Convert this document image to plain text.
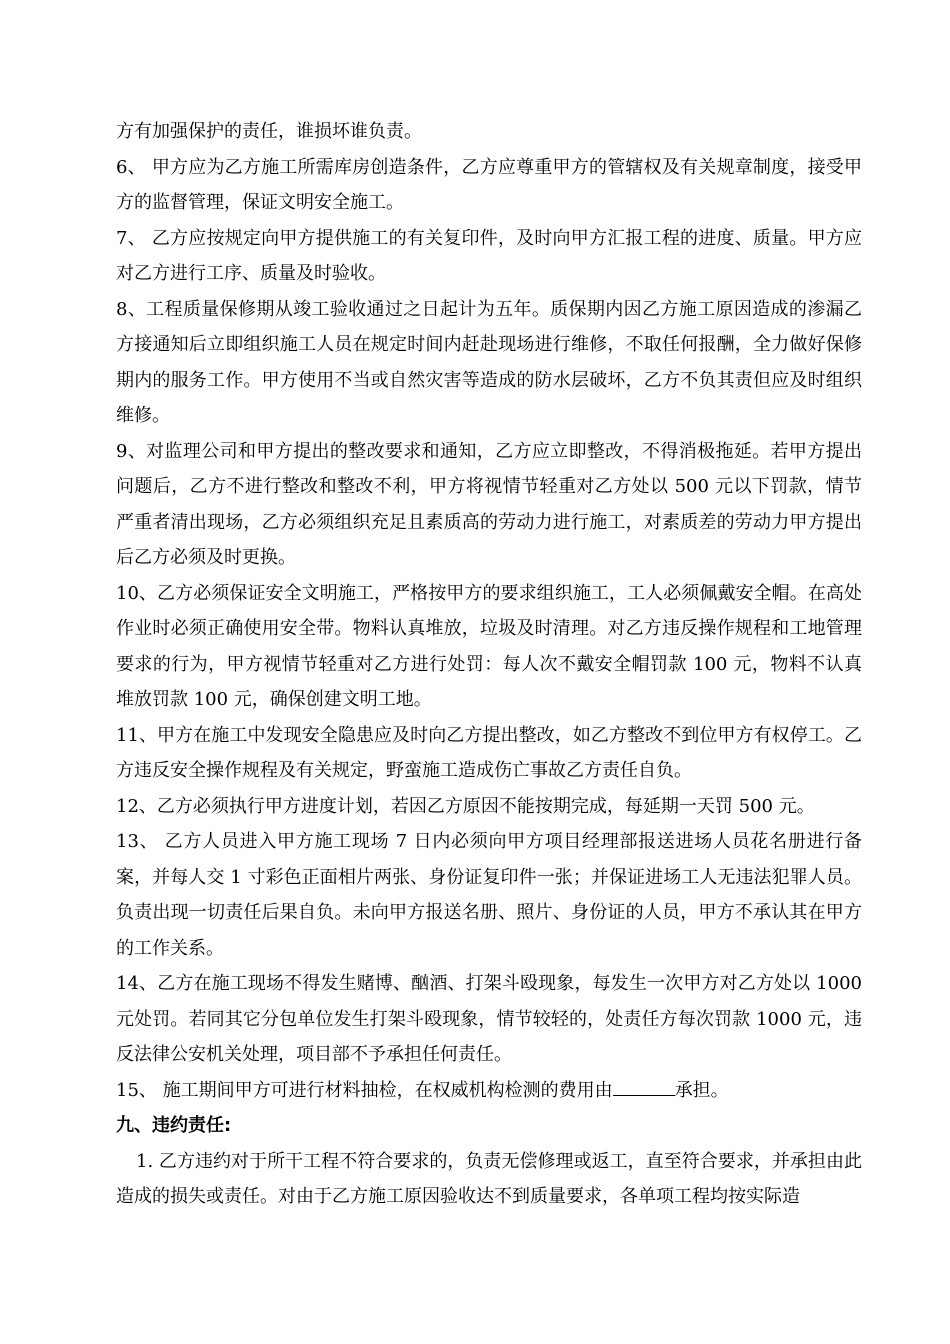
方有加强保护的责任，谁损坏谁负责。

6、 甲方应为乙方施工所需库房创造条件，乙方应尊重甲方的管辖权及有关规章制度，接受甲方的监督管理，保证文明安全施工。

7、 乙方应按规定向甲方提供施工的有关复印件，及时向甲方汇报工程的进度、质量。甲方应对乙方进行工序、质量及时验收。

8、工程质量保修期从竣工验收通过之日起计为五年。质保期内因乙方施工原因造成的渗漏乙方接通知后立即组织施工人员在规定时间内赶赴现场进行维修，不取任何报酬，全力做好保修期内的服务工作。甲方使用不当或自然灾害等造成的防水层破坏，乙方不负其责但应及时组织维修。

9、对监理公司和甲方提出的整改要求和通知，乙方应立即整改，不得消极拖延。若甲方提出问题后，乙方不进行整改和整改不利，甲方将视情节轻重对乙方处以 500 元以下罚款，情节严重者清出现场，乙方必须组织充足且素质高的劳动力进行施工，对素质差的劳动力甲方提出后乙方必须及时更换。

10、乙方必须保证安全文明施工，严格按甲方的要求组织施工，工人必须佩戴安全帽。在高处作业时必须正确使用安全带。物料认真堆放，垃圾及时清理。对乙方违反操作规程和工地管理要求的行为，甲方视情节轻重对乙方进行处罚：每人次不戴安全帽罚款 100 元，物料不认真堆放罚款 100 元，确保创建文明工地。

11、甲方在施工中发现安全隐患应及时向乙方提出整改，如乙方整改不到位甲方有权停工。乙方违反安全操作规程及有关规定，野蛮施工造成伤亡事故乙方责任自负。

12、乙方必须执行甲方进度计划，若因乙方原因不能按期完成，每延期一天罚 500 元。

13、 乙方人员进入甲方施工现场 7 日内必须向甲方项目经理部报送进场人员花名册进行备案，并每人交 1 寸彩色正面相片两张、身份证复印件一张；并保证进场工人无违法犯罪人员。负责出现一切责任后果自负。未向甲方报送名册、照片、身份证的人员，甲方不承认其在甲方的工作关系。

14、乙方在施工现场不得发生赌博、酗酒、打架斗殴现象，每发生一次甲方对乙方处以 1000 元处罚。若同其它分包单位发生打架斗殴现象，情节较轻的，处责任方每次罚款 1000 元，违反法律公安机关处理，项目部不予承担任何责任。

15、 施工期间甲方可进行材料抽检，在权威机构检测的费用由	承担。

九、违约责任:

1. 乙方违约对于所干工程不符合要求的，负责无偿修理或返工，直至符合要求，并承担由此造成的损失或责任。对由于乙方施工原因验收达不到质量要求，各单项工程均按实际造
